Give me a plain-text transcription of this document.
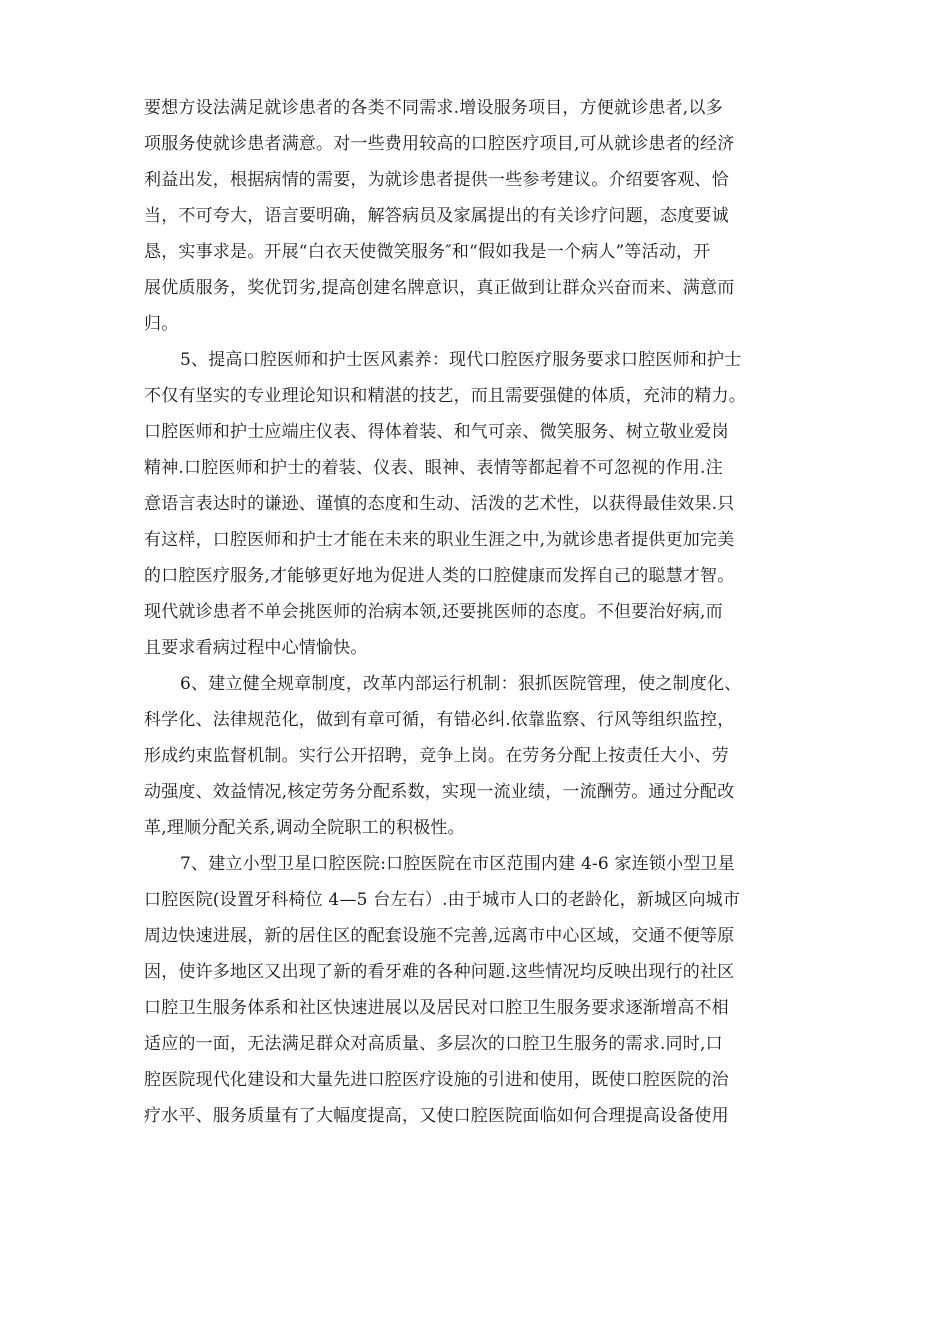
要想方设法满足就诊患者的各类不同需求.增设服务项目，方便就诊患者,以多
项服务使就诊患者满意。对一些费用较高的口腔医疗项目,可从就诊患者的经济
利益出发，根据病情的需要，为就诊患者提供一些参考建议。介绍要客观、恰
当，不可夸大，语言要明确，解答病员及家属提出的有关诊疗问题，态度要诚
恳，实事求是。开展“白衣天使微笑服务″和“假如我是一个病人”等活动，开
展优质服务，奖优罚劣,提高创建名牌意识，真正做到让群众兴奋而来、满意而
归。
5、提高口腔医师和护士医风素养：现代口腔医疗服务要求口腔医师和护士
不仅有坚实的专业理论知识和精湛的技艺，而且需要强健的体质，充沛的精力。
口腔医师和护士应端庄仪表、得体着装、和气可亲、微笑服务、树立敬业爱岗
精神.口腔医师和护士的着装、仪表、眼神、表情等都起着不可忽视的作用.注
意语言表达时的谦逊、谨慎的态度和生动、活泼的艺术性，以获得最佳效果.只
有这样，口腔医师和护士才能在未来的职业生涯之中,为就诊患者提供更加完美
的口腔医疗服务,才能够更好地为促进人类的口腔健康而发挥自己的聪慧才智。
现代就诊患者不单会挑医师的治病本领,还要挑医师的态度。不但要治好病,而
且要求看病过程中心情愉快。
6、建立健全规章制度，改革内部运行机制：狠抓医院管理，使之制度化、
科学化、法律规范化，做到有章可循，有错必纠.依靠监察、行风等组织监控，
形成约束监督机制。实行公开招聘，竞争上岗。在劳务分配上按责任大小、劳
动强度、效益情况,核定劳务分配系数，实现一流业绩，一流酬劳。通过分配改
革,理顺分配关系,调动全院职工的积极性。
7、建立小型卫星口腔医院:口腔医院在市区范围内建 4-6 家连锁小型卫星
口腔医院(设置牙科椅位 4—5 台左右）.由于城市人口的老龄化，新城区向城市
周边快速进展，新的居住区的配套设施不完善,远离市中心区域，交通不便等原
因，使许多地区又出现了新的看牙难的各种问题.这些情况均反映出现行的社区
口腔卫生服务体系和社区快速进展以及居民对口腔卫生服务要求逐渐增高不相
适应的一面，无法满足群众对高质量、多层次的口腔卫生服务的需求.同时,口
腔医院现代化建设和大量先进口腔医疗设施的引进和使用，既使口腔医院的治
疗水平、服务质量有了大幅度提高，又使口腔医院面临如何合理提高设备使用
